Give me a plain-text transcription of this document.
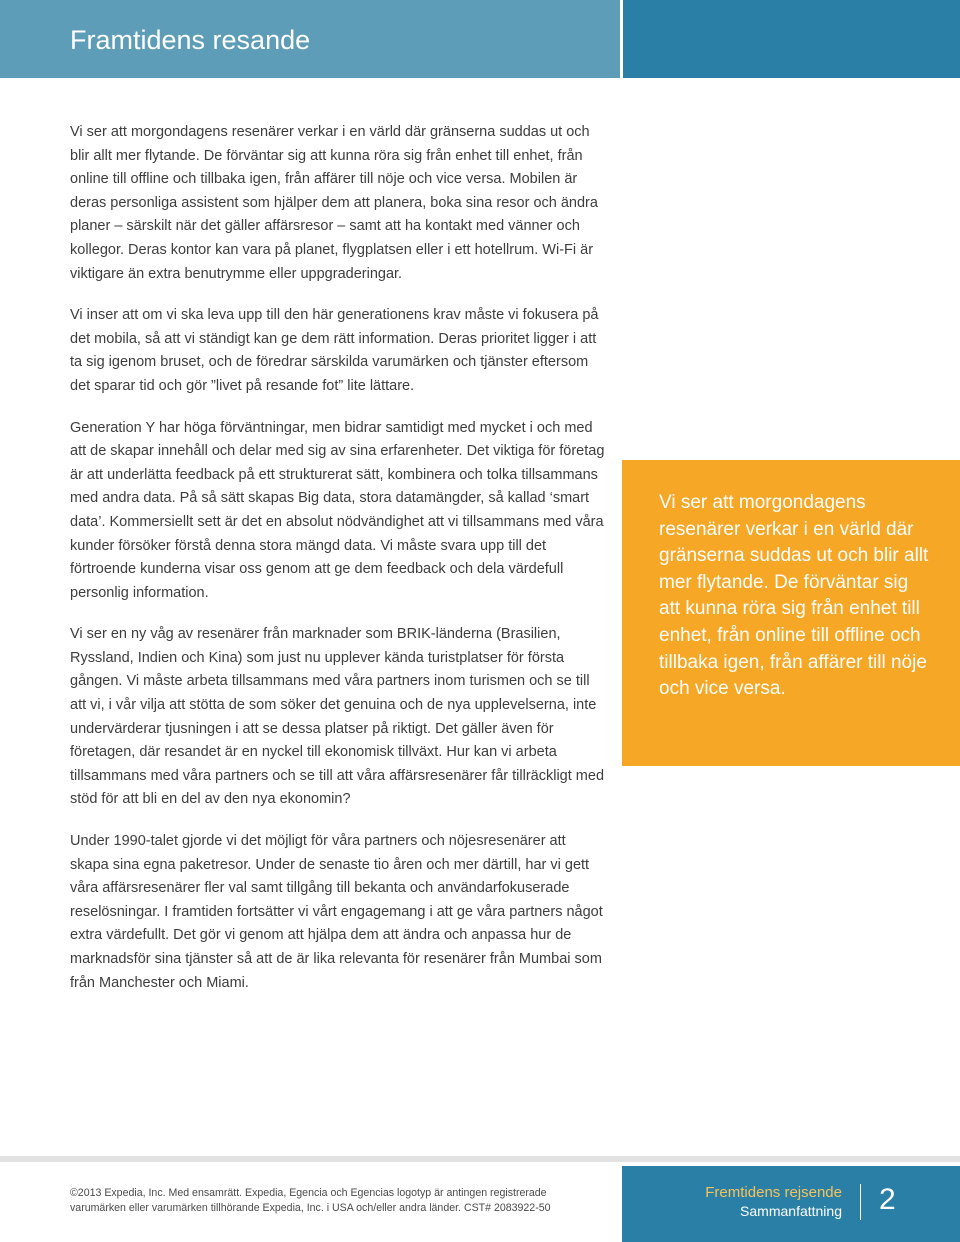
Framtidens resande

Vi ser att morgondagens resenärer verkar i en värld där gränserna suddas ut och blir allt mer flytande. De förväntar sig att kunna röra sig från enhet till enhet, från online till offline och tillbaka igen, från affärer till nöje och vice versa. Mobilen är deras personliga assistent som hjälper dem att planera, boka sina resor och ändra planer – särskilt när det gäller affärsresor – samt att ha kontakt med vänner och kollegor. Deras kontor kan vara på planet, flygplatsen eller i ett hotellrum. Wi-Fi är viktigare än extra benutrymme eller uppgraderingar.

Vi inser att om vi ska leva upp till den här generationens krav måste vi fokusera på det mobila, så att vi ständigt kan ge dem rätt information. Deras prioritet ligger i att ta sig igenom bruset, och de föredrar särskilda varumärken och tjänster eftersom det sparar tid och gör ”livet på resande fot” lite lättare.

Generation Y har höga förväntningar, men bidrar samtidigt med mycket i och med att de skapar innehåll och delar med sig av sina erfarenheter. Det viktiga för företag är att underlätta feedback på ett strukturerat sätt, kombinera och tolka tillsammans med andra data. På så sätt skapas Big data, stora datamängder, så kallad ‘smart data’. Kommersiellt sett är det en absolut nödvändighet att vi tillsammans med våra kunder försöker förstå denna stora mängd data. Vi måste svara upp till det förtroende kunderna visar oss genom att ge dem feedback och dela värdefull personlig information.

Vi ser en ny våg av resenärer från marknader som BRIK-länderna (Brasilien, Ryssland, Indien och Kina) som just nu upplever kända turistplatser för första gången. Vi måste arbeta tillsammans med våra partners inom turismen och se till att vi, i vår vilja att stötta de som söker det genuina och de nya upplevelserna, inte undervärderar tjusningen i att se dessa platser på riktigt. Det gäller även för företagen, där resandet är en nyckel till ekonomisk tillväxt. Hur kan vi arbeta tillsammans med våra partners och se till att våra affärsresenärer får tillräckligt med stöd för att bli en del av den nya ekonomin?

Under 1990-talet gjorde vi det möjligt för våra partners och nöjesresenärer att skapa sina egna paketresor. Under de senaste tio åren och mer därtill, har vi gett våra affärsresenärer fler val samt tillgång till bekanta och användarfokuserade reselösningar. I framtiden fortsätter vi vårt engagemang i att ge våra partners något extra värdefullt. Det gör vi genom att hjälpa dem att ändra och anpassa hur de marknadsför sina tjänster så att de är lika relevanta för resenärer från Mumbai som från Manchester och Miami.

Vi ser att morgondagens resenärer verkar i en värld där gränserna suddas ut och blir allt mer flytande. De förväntar sig att kunna röra sig från enhet till enhet, från online till offline och tillbaka igen, från affärer till nöje och vice versa.

©2013 Expedia, Inc. Med ensamrätt. Expedia, Egencia och Egencias logotyp är antingen registrerade
varumärken eller varumärken tillhörande Expedia, Inc. i USA och/eller andra länder. CST# 2083922-50

Fremtidens rejsende

Sammanfattning 2
